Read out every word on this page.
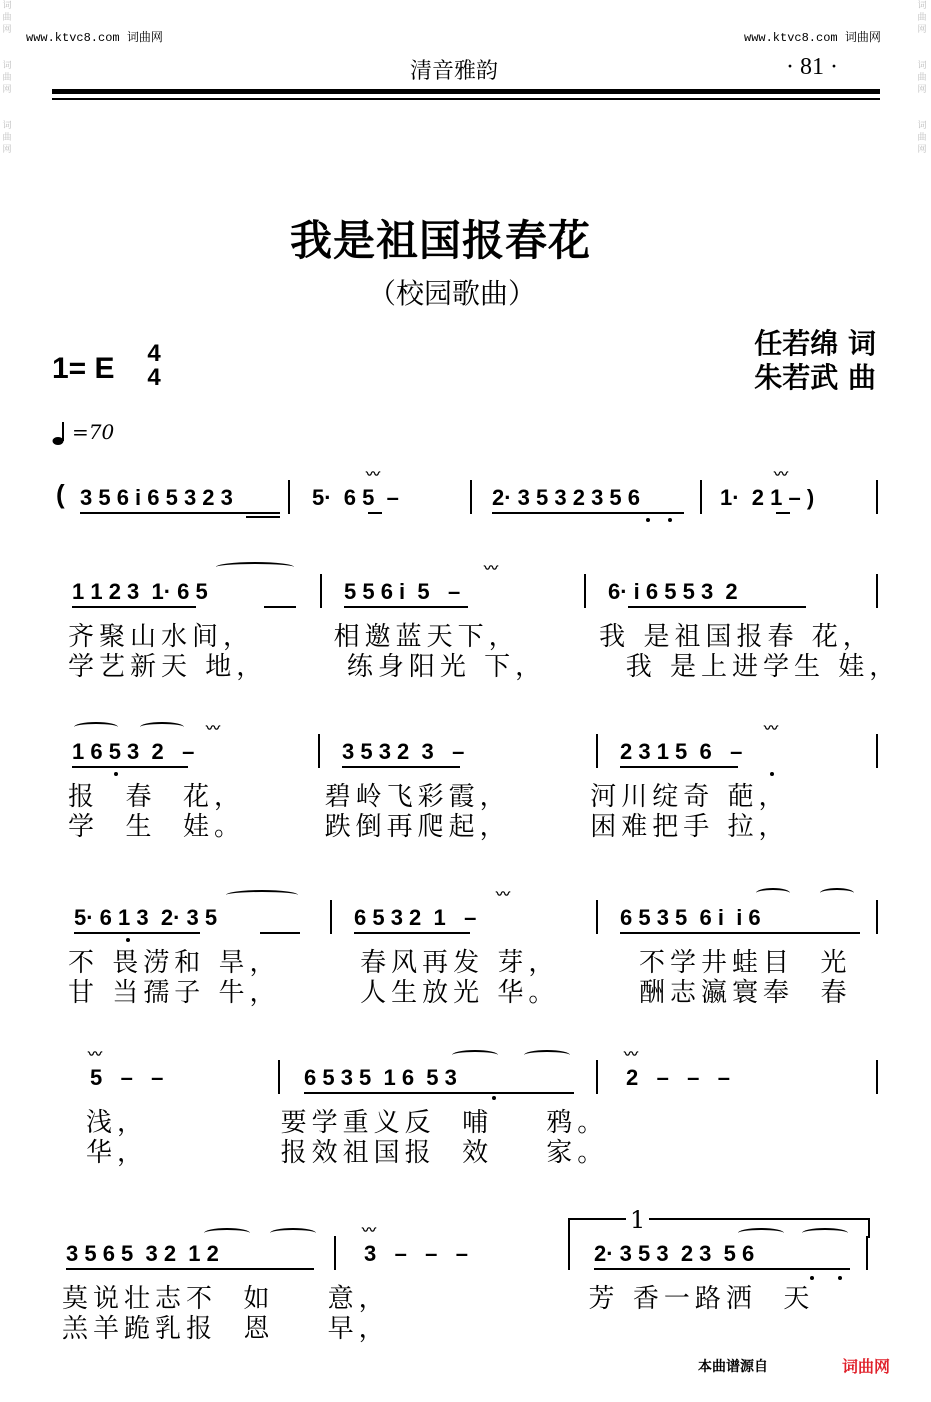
词
曲
网
词
曲
网
词
曲
网
词
曲
网
词
曲
网
词
曲
网
www.ktvc8.com 词曲网	www.ktvc8.com 词曲网
清音雅韵	· 81 ·
我是祖国报春花
（校园歌曲）
任若绵 词
朱若武 曲
1= E 4
4
=70
( 3 5 6 i 6 5 3 2 3	5·  6 5  –	2· 3 5 3 2 3 5 6	1·  2 1 – )
〰	〰
1 1 2 3  1· 6 5	5 5 6 i  5   –	6· i 6 5 5 3  2
〰
齐聚山水间，      相邀蓝天下，      我 是祖国报春 花，
学艺新天 地，      练身阳光 下，      我 是上进学生 娃，
1 6 5 3  2   –	3 5 3 2  3   –	2 3 1 5  6   –
〰	〰
报  春  花，      碧岭飞彩霞，      河川绽奇 葩，
学  生  娃。      跌倒再爬起，      困难把手 拉，
5· 6 1 3  2· 3 5	6 5 3 2  1   –	6 5 3 5  6 i  i 6
〰
不 畏涝和 旱，      春风再发 芽，      不学井蛙目  光
甘 当孺子 牛，      人生放光 华。      酬志瀛寰奉  春
5   –   –	6 5 3 5  1 6  5 3	2   –   –   –
〰	〰
浅，          要学重义反  哺    鸦。
华，          报效祖国报  效    家。
1
3 5 6 5  3 2  1 2	3   –   –   –	2· 3 5 3  2 3  5 6
〰
莫说壮志不  如    意，               芳 香一路洒  天
羔羊跪乳报  恩    早，
本曲谱源自	词曲网
